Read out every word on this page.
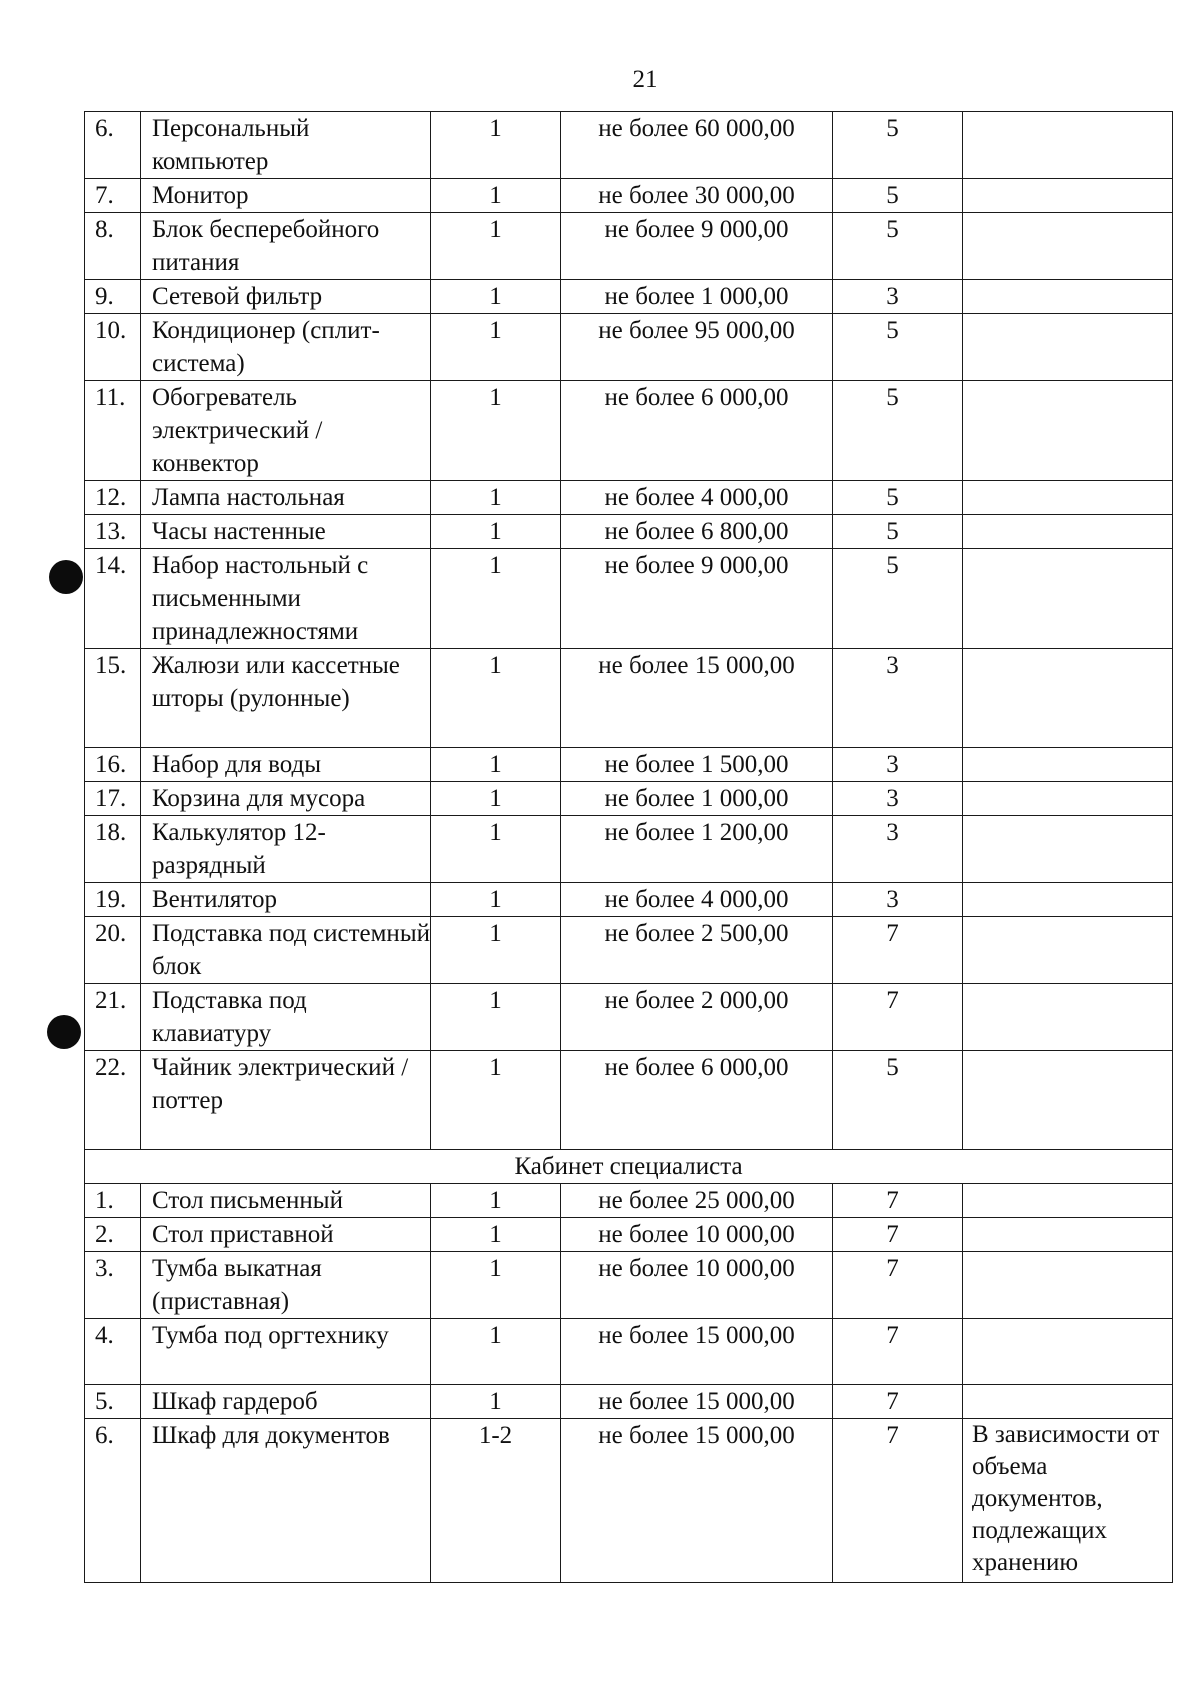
21
6.	Персональный компьютер	1	не более 60 000,00	5	
7.	Монитор	1	не более 30 000,00	5	
8.	Блок бесперебойного питания	1	не более 9 000,00	5	
9.	Сетевой фильтр	1	не более 1 000,00	3	
10.	Кондиционер (сплит-система)	1	не более 95 000,00	5	
11.	Обогреватель электрический / конвектор	1	не более 6 000,00	5	
12.	Лампа настольная	1	не более 4 000,00	5	
13.	Часы настенные	1	не более 6 800,00	5	
14.	Набор настольный с письменными принадлежностями	1	не более 9 000,00	5	
15.	Жалюзи или кассетные шторы (рулонные)	1	не более 15 000,00	3	
16.	Набор для воды	1	не более 1 500,00	3	
17.	Корзина для мусора	1	не более 1 000,00	3	
18.	Калькулятор 12-разрядный	1	не более 1 200,00	3	
19.	Вентилятор	1	не более 4 000,00	3	
20.	Подставка под системный блок	1	не более 2 500,00	7	
21.	Подставка под клавиатуру	1	не более 2 000,00	7	
22.	Чайник электрический / поттер	1	не более 6 000,00	5	
Кабинет специалиста					
1.	Стол письменный	1	не более 25 000,00	7	
2.	Стол приставной	1	не более 10 000,00	7	
3.	Тумба выкатная (приставная)	1	не более 10 000,00	7	
4.	Тумба под оргтехнику	1	не более 15 000,00	7	
5.	Шкаф гардероб	1	не более 15 000,00	7	
6.	Шкаф для документов	1-2	не более 15 000,00	7	В зависимости от объема документов, подлежащих хранению
